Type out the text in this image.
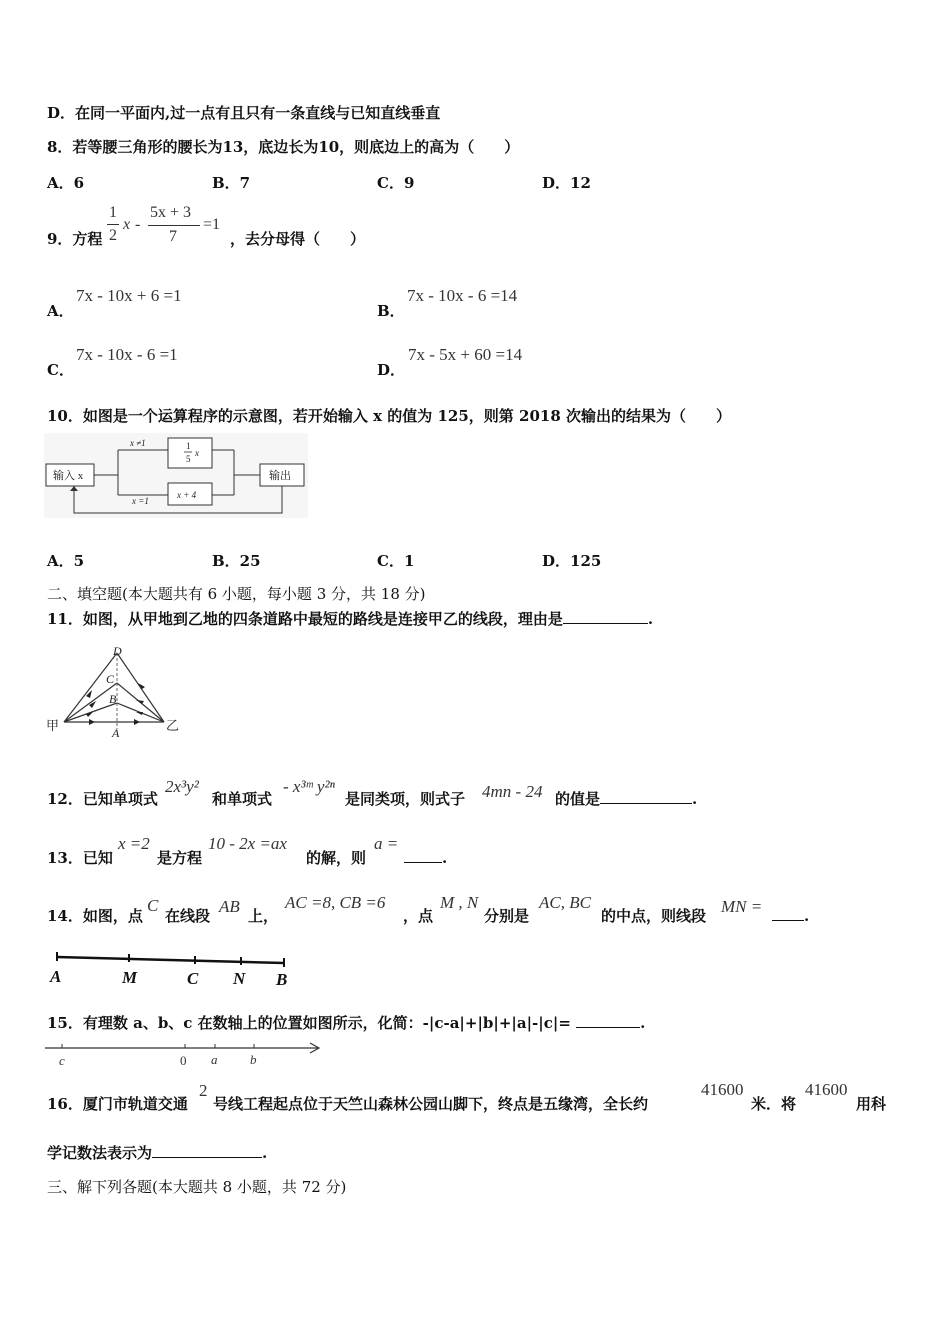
D．在同一平面内,过一点有且只有一条直线与已知直线垂直
8．若等腰三角形的腰长为13，底边长为10，则底边上的高为（　　）
A．6	B．7	C．9	D．12
9．方程
1
2
x -
5x + 3
7
=1
，去分母得（　　）
A．
7x - 10x + 6 =1
B．
7x - 10x - 6 =14
C．
7x - 10x - 6 =1
D．
7x - 5x + 60 =14
10．如图是一个运算程序的示意图，若开始输入 x 的值为 125，则第 2018 次输出的结果为（　　）
输入 x	输出
x ≠1
x =1
1
5
x
x + 4
A．5	B．25	C．1	D．125
二、填空题(本大题共有 6 小题，每小题 3 分，共 18 分)
11．如图，从甲地到乙地的四条道路中最短的路线是连接甲乙的线段，理由是	.
D
C
B
A
甲	乙
12．已知单项式
2x³y²
和单项式
- x³ᵐ y²ⁿ
是同类项，则式子 4mn - 24 的值是	.
13．已知
x =2
是方程
10 - 2x =ax
的解，则
a =
.
14．如图，点
C
在线段 AB 上，
AC =8, CB =6
，点
M , N
分别是
AC, BC
的中点，则线段 MN =	.
A	M	C N B
15．有理数 a、b、c 在数轴上的位置如图所示，化简：-|c-a|+|b|+|a|-|c|=	.
c	0 a	b
16．厦门市轨道交通
2
号线工程起点位于天竺山森林公园山脚下，终点是五缘湾，全长约
41600
米．将
41600
用科
学记数法表示为	.
三、解下列各题(本大题共 8 小题，共 72 分)
